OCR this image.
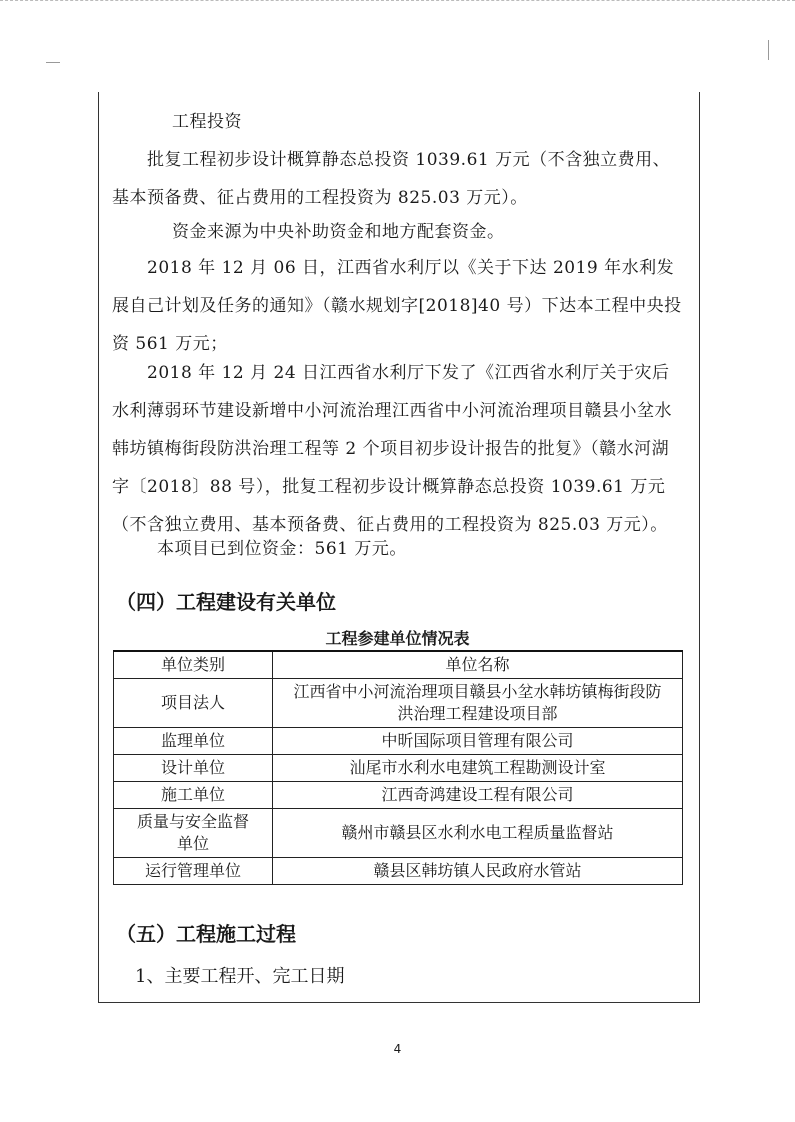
工程投资
批复工程初步设计概算静态总投资 1039.61 万元（不含独立费用、基本预备费、征占费用的工程投资为 825.03 万元）。
资金来源为中央补助资金和地方配套资金。
2018 年 12 月 06 日，江西省水利厅以《关于下达 2019 年水利发展自己计划及任务的通知》（赣水规划字[2018]40 号）下达本工程中央投资 561 万元；
2018 年 12 月 24 日江西省水利厅下发了《江西省水利厅关于灾后水利薄弱环节建设新增中小河流治理江西省中小河流治理项目赣县小坌水韩坊镇梅街段防洪治理工程等 2 个项目初步设计报告的批复》（赣水河湖字〔2018〕88 号），批复工程初步设计概算静态总投资 1039.61 万元（不含独立费用、基本预备费、征占费用的工程投资为 825.03 万元）。
本项目已到位资金：561 万元。
（四）工程建设有关单位
工程参建单位情况表
单位类别	单位名称
项目法人	江西省中小河流治理项目赣县小坌水韩坊镇梅街段防洪治理工程建设项目部
监理单位	中昕国际项目管理有限公司
设计单位	汕尾市水利水电建筑工程勘测设计室
施工单位	江西奇鸿建设工程有限公司
质量与安全监督单位	赣州市赣县区水利水电工程质量监督站
运行管理单位	赣县区韩坊镇人民政府水管站
（五）工程施工过程
1、主要工程开、完工日期
4
